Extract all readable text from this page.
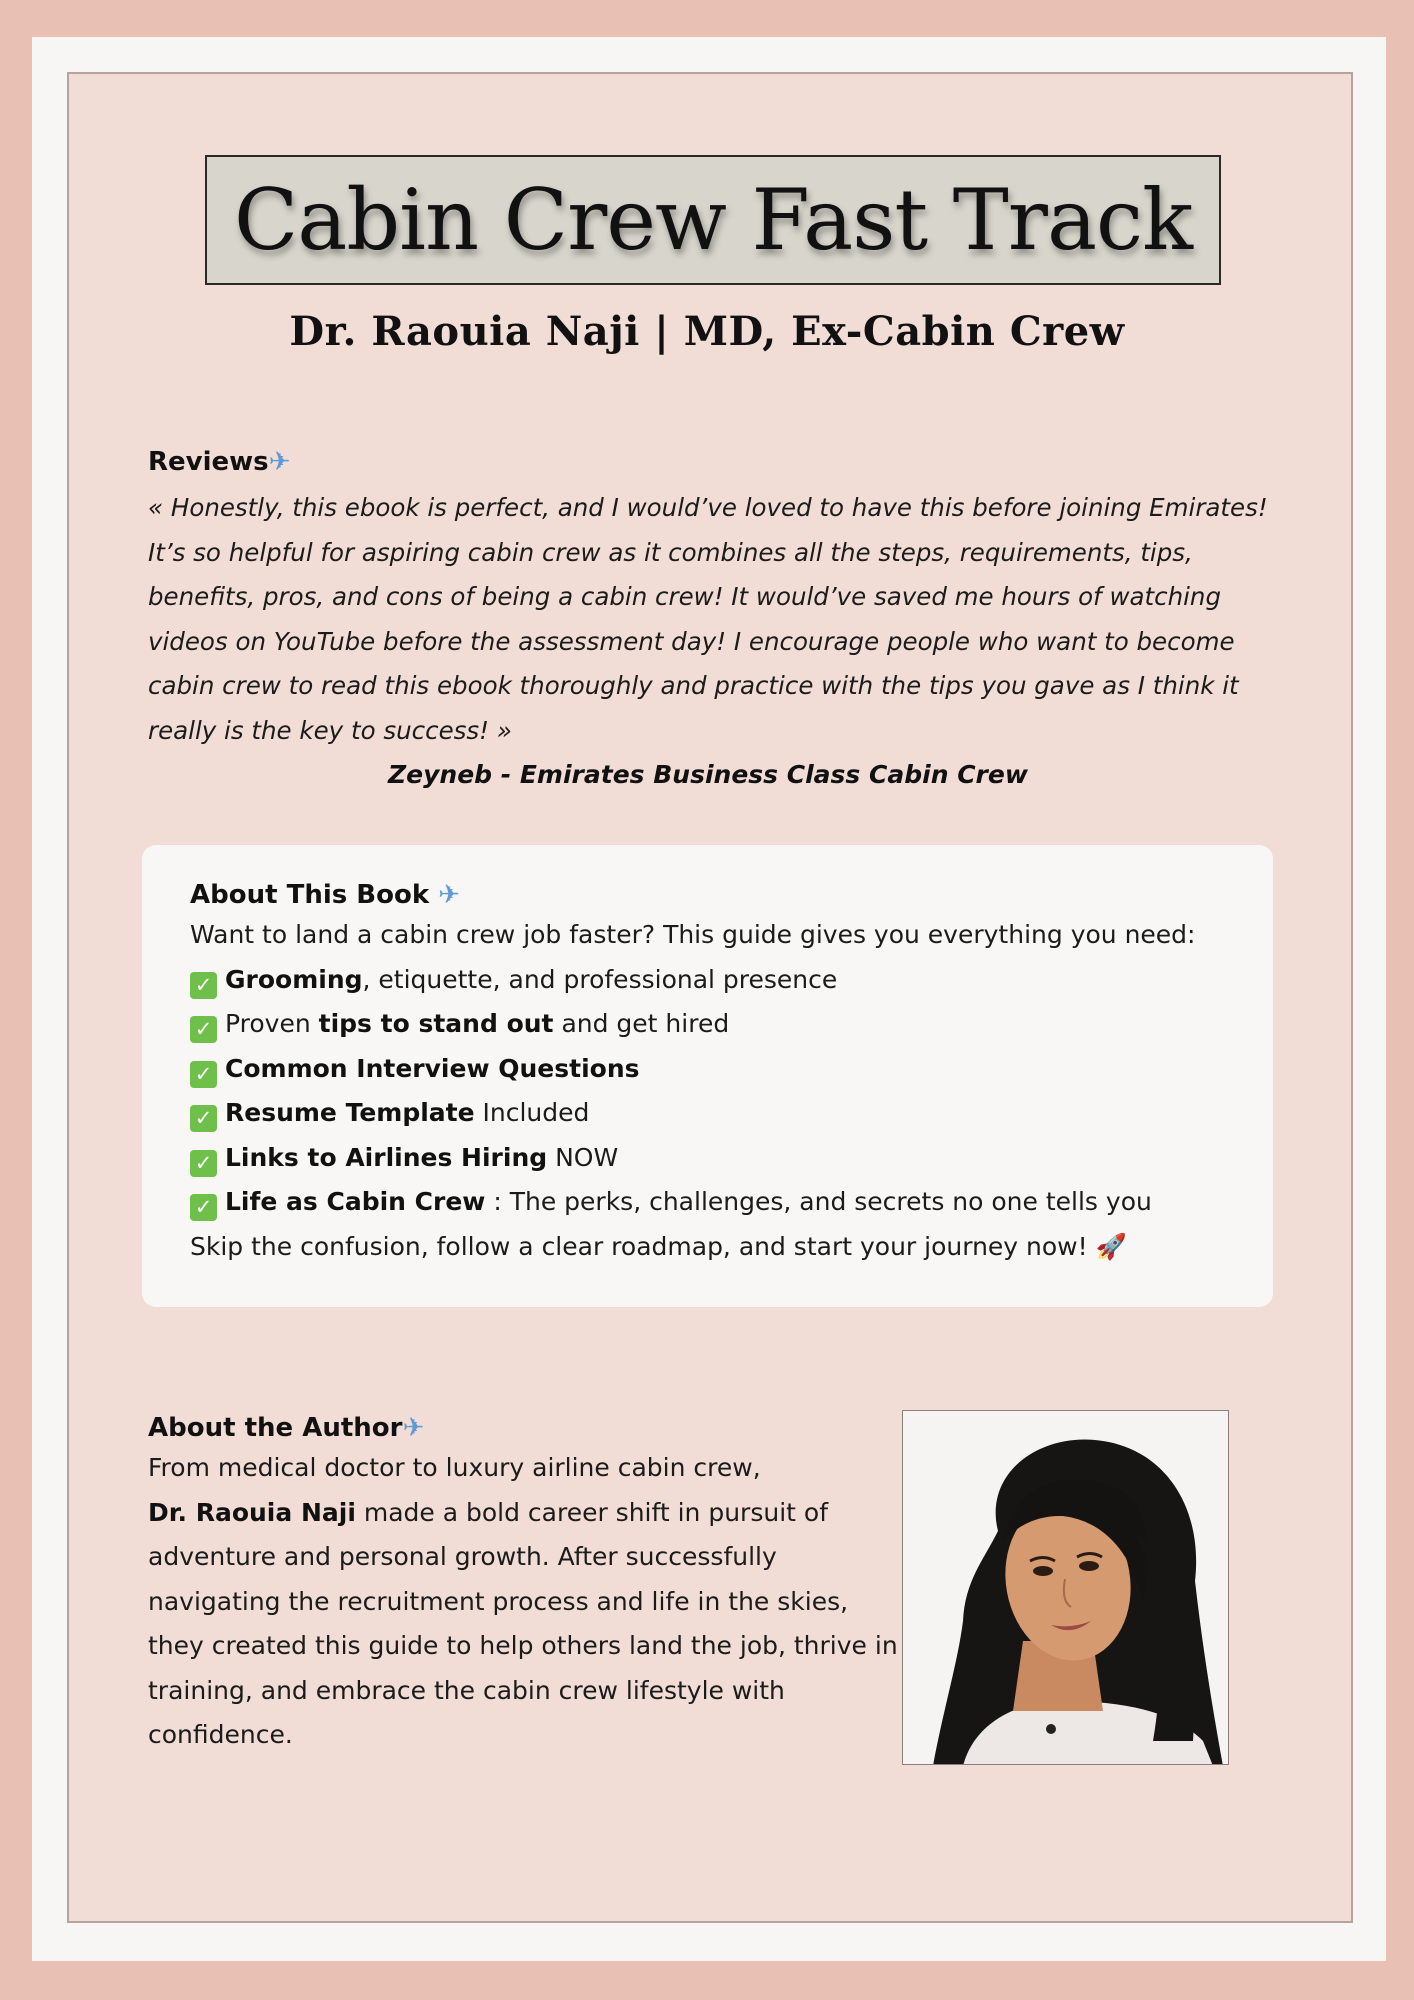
Cabin Crew Fast Track
Dr. Raouia Naji | MD, Ex-Cabin Crew
Reviews✈

« Honestly, this ebook is perfect, and I would’ve loved to have this before joining Emirates! It’s so helpful for aspiring cabin crew as it combines all the steps, requirements, tips, benefits, pros, and cons of being a cabin crew! It would’ve saved me hours of watching videos on YouTube before the assessment day! I encourage people who want to become cabin crew to read this ebook thoroughly and practice with the tips you gave as I think it really is the key to success! »

Zeyneb - Emirates Business Class Cabin Crew

About This Book ✈
Want to land a cabin crew job faster? This guide gives you everything you need:
✓ Grooming, etiquette, and professional presence
✓ Proven tips to stand out and get hired
✓ Common Interview Questions
✓ Resume Template Included
✓ Links to Airlines Hiring NOW
✓ Life as Cabin Crew : The perks, challenges, and secrets no one tells you
Skip the confusion, follow a clear roadmap, and start your journey now! 🚀
About the Author✈
From medical doctor to luxury airline cabin crew,
Dr. Raouia Naji made a bold career shift in pursuit of adventure and personal growth. After successfully navigating the recruitment process and life in the skies, they created this guide to help others land the job, thrive in training, and embrace the cabin crew lifestyle with confidence.
